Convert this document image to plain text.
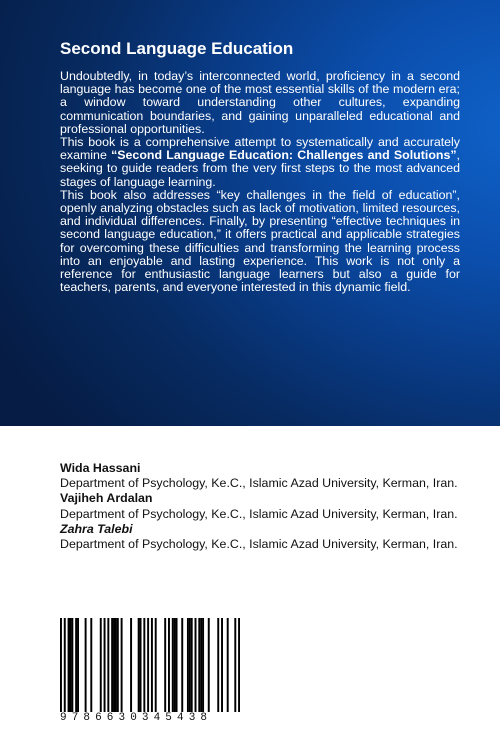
Second Language Education

Undoubtedly, in today’s interconnected world, proficiency in a second language has become one of the most essential skills of the modern era; a window toward understanding other cultures, expanding communication boundaries, and gaining unparalleled educational and professional opportunities.

This book is a comprehensive attempt to systematically and accurately examine “Second Language Education: Challenges and Solutions”, seeking to guide readers from the very first steps to the most advanced stages of language learning.

This book also addresses “key challenges in the field of education”, openly analyzing obstacles such as lack of motivation, limited resources, and individual differences. Finally, by presenting “effective techniques in second language education,” it offers practical and applicable strategies for overcoming these difficulties and transforming the learning process into an enjoyable and lasting experience. This work is not only a reference for enthusiastic language learners but also a guide for teachers, parents, and everyone interested in this dynamic field.

Wida Hassani
Department of Psychology, Ke.C., Islamic Azad University, Kerman, Iran.
Vajiheh Ardalan
Department of Psychology, Ke.C., Islamic Azad University, Kerman, Iran.
Zahra Talebi
Department of Psychology, Ke.C., Islamic Azad University, Kerman, Iran.
9786630345438
